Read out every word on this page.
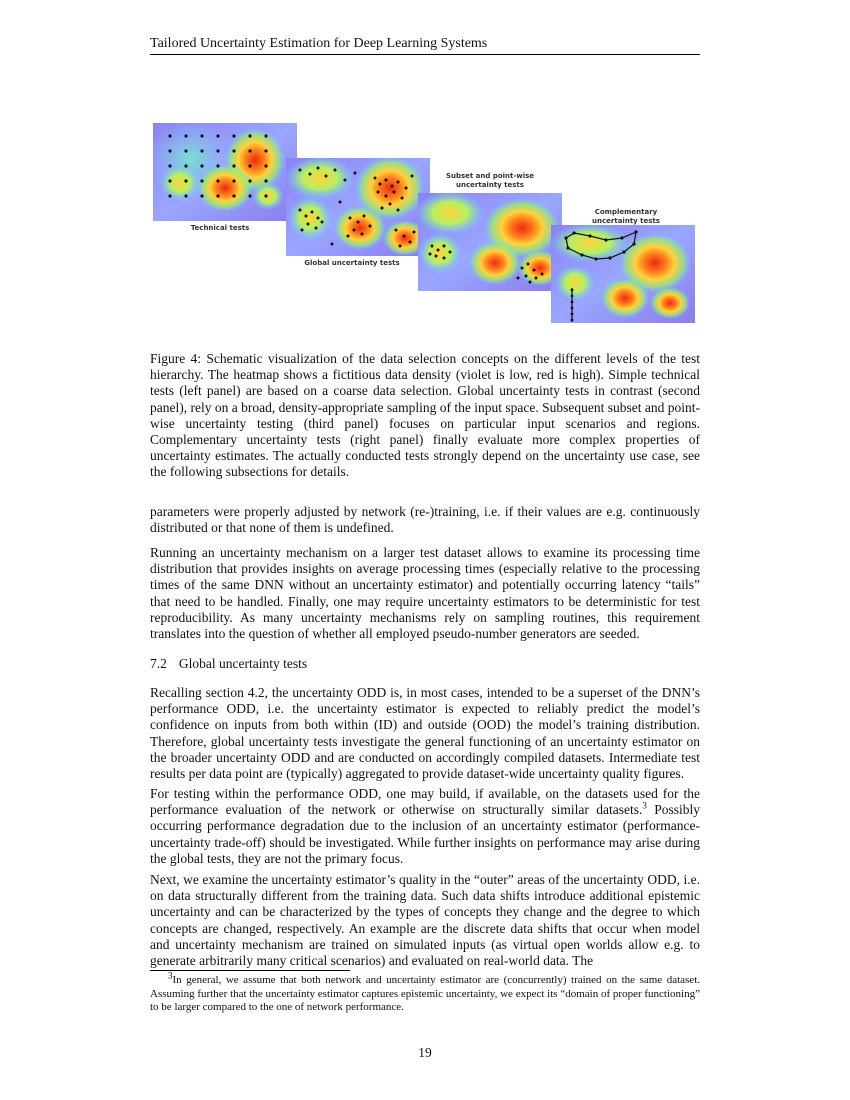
Tailored Uncertainty Estimation for Deep Learning Systems
Technical tests
Global uncertainty tests
Subset and point-wise
uncertainty tests
Complementary
uncertainty tests

Figure 4: Schematic visualization of the data selection concepts on the different levels of the test hierarchy. The heatmap shows a fictitious data density (violet is low, red is high). Simple technical tests (left panel) are based on a coarse data selection. Global uncertainty tests in contrast (second panel), rely on a broad, density-appropriate sampling of the input space. Subsequent subset and point-wise uncertainty testing (third panel) focuses on particular input scenarios and regions. Complementary uncertainty tests (right panel) finally evaluate more complex properties of uncertainty estimates. The actually conducted tests strongly depend on the uncertainty use case, see the following subsections for details.

parameters were properly adjusted by network (re-)training, i.e. if their values are e.g. continuously distributed or that none of them is undefined.

Running an uncertainty mechanism on a larger test dataset allows to examine its processing time distribution that provides insights on average processing times (especially relative to the processing times of the same DNN without an uncertainty estimator) and potentially occurring latency “tails” that need to be handled. Finally, one may require uncertainty estimators to be deterministic for test reproducibility. As many uncertainty mechanisms rely on sampling routines, this requirement translates into the question of whether all employed pseudo-number generators are seeded.

7.2 Global uncertainty tests

Recalling section 4.2, the uncertainty ODD is, in most cases, intended to be a superset of the DNN’s performance ODD, i.e. the uncertainty estimator is expected to reliably predict the model’s confidence on inputs from both within (ID) and outside (OOD) the model’s training distribution. Therefore, global uncertainty tests investigate the general functioning of an uncertainty estimator on the broader uncertainty ODD and are conducted on accordingly compiled datasets. Intermediate test results per data point are (typically) aggregated to provide dataset-wide uncertainty quality figures.

For testing within the performance ODD, one may build, if available, on the datasets used for the performance evaluation of the network or otherwise on structurally similar datasets.$^3$ Possibly occurring performance degradation due to the inclusion of an uncertainty estimator (performance-uncertainty trade-off) should be investigated. While further insights on performance may arise during the global tests, they are not the primary focus.

Next, we examine the uncertainty estimator’s quality in the “outer” areas of the uncertainty ODD, i.e. on data structurally different from the training data. Such data shifts introduce additional epistemic uncertainty and can be characterized by the types of concepts they change and the degree to which concepts are changed, respectively. An example are the discrete data shifts that occur when model and uncertainty mechanism are trained on simulated inputs (as virtual open worlds allow e.g. to generate arbitrarily many critical scenarios) and evaluated on real-world data. The

$^3$In general, we assume that both network and uncertainty estimator are (concurrently) trained on the same dataset. Assuming further that the uncertainty estimator captures epistemic uncertainty, we expect its “domain of proper functioning” to be larger compared to the one of network performance.

19
